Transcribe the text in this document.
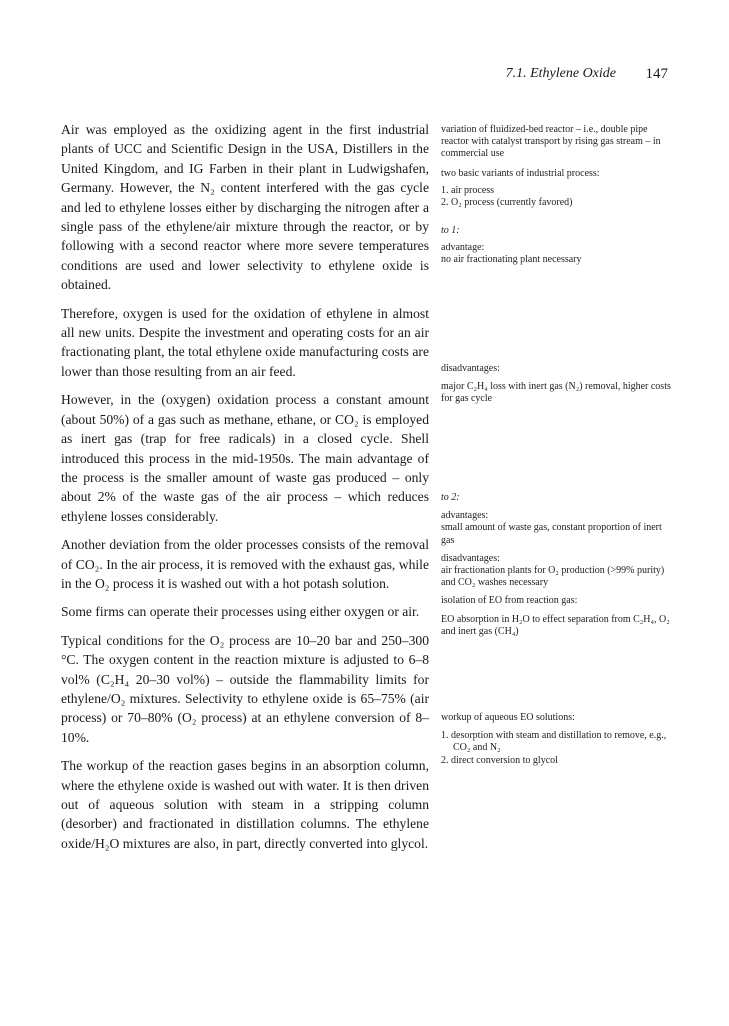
7.1. Ethylene Oxide 147

Air was employed as the oxidizing agent in the first industrial plants of UCC and Scientific Design in the USA, Distillers in the United Kingdom, and IG Farben in their plant in Ludwigshafen, Germany. However, the N₂ content interfered with the gas cycle and led to ethylene losses either by discharging the nitrogen after a single pass of the ethylene/air mixture through the reactor, or by following with a second reactor where more severe temperatures conditions are used and lower selectivity to ethylene oxide is obtained.

Therefore, oxygen is used for the oxidation of ethylene in almost all new units. Despite the investment and operating costs for an air fractionating plant, the total ethylene oxide manufacturing costs are lower than those resulting from an air feed.

However, in the (oxygen) oxidation process a constant amount (about 50%) of a gas such as methane, ethane, or CO₂ is employed as inert gas (trap for free radicals) in a closed cycle. Shell introduced this process in the mid-1950s. The main advantage of the process is the smaller amount of waste gas produced – only about 2% of the waste gas of the air process – which reduces ethylene losses considerably.

Another deviation from the older processes consists of the removal of CO₂. In the air process, it is removed with the exhaust gas, while in the O₂ process it is washed out with a hot potash solution.

Some firms can operate their processes using either oxygen or air.

Typical conditions for the O₂ process are 10–20 bar and 250–300 °C. The oxygen content in the reaction mixture is adjusted to 6–8 vol% (C₂H₄ 20–30 vol%) – outside the flammability limits for ethylene/O₂ mixtures. Selectivity to ethylene oxide is 65–75% (air process) or 70–80% (O₂ process) at an ethylene conversion of 8–10%.

The workup of the reaction gases begins in an absorption column, where the ethylene oxide is washed out with water. It is then driven out of aqueous solution with steam in a stripping column (desorber) and fractionated in distillation columns. The ethylene oxide/H₂O mixtures are also, in part, directly converted into glycol.

variation of fluidized-bed reactor – i.e., double pipe reactor with catalyst transport by rising gas stream – in commercial use
two basic variants of industrial process:
1. air process
2. O₂ process (currently favored)
to 1:
advantage:
no air fractionating plant necessary
disadvantages:
major C₂H₄ loss with inert gas (N₂) removal, higher costs for gas cycle
to 2:
advantages:
small amount of waste gas, constant proportion of inert gas
disadvantages:
air fractionation plants for O₂ production (>99% purity) and CO₂ washes necessary
isolation of EO from reaction gas:
EO absorption in H₂O to effect separation from C₂H₄, O₂ and inert gas (CH₄)
workup of aqueous EO solutions:
1. desorption with steam and distillation to remove, e.g., CO₂ and N₂
2. direct conversion to glycol
